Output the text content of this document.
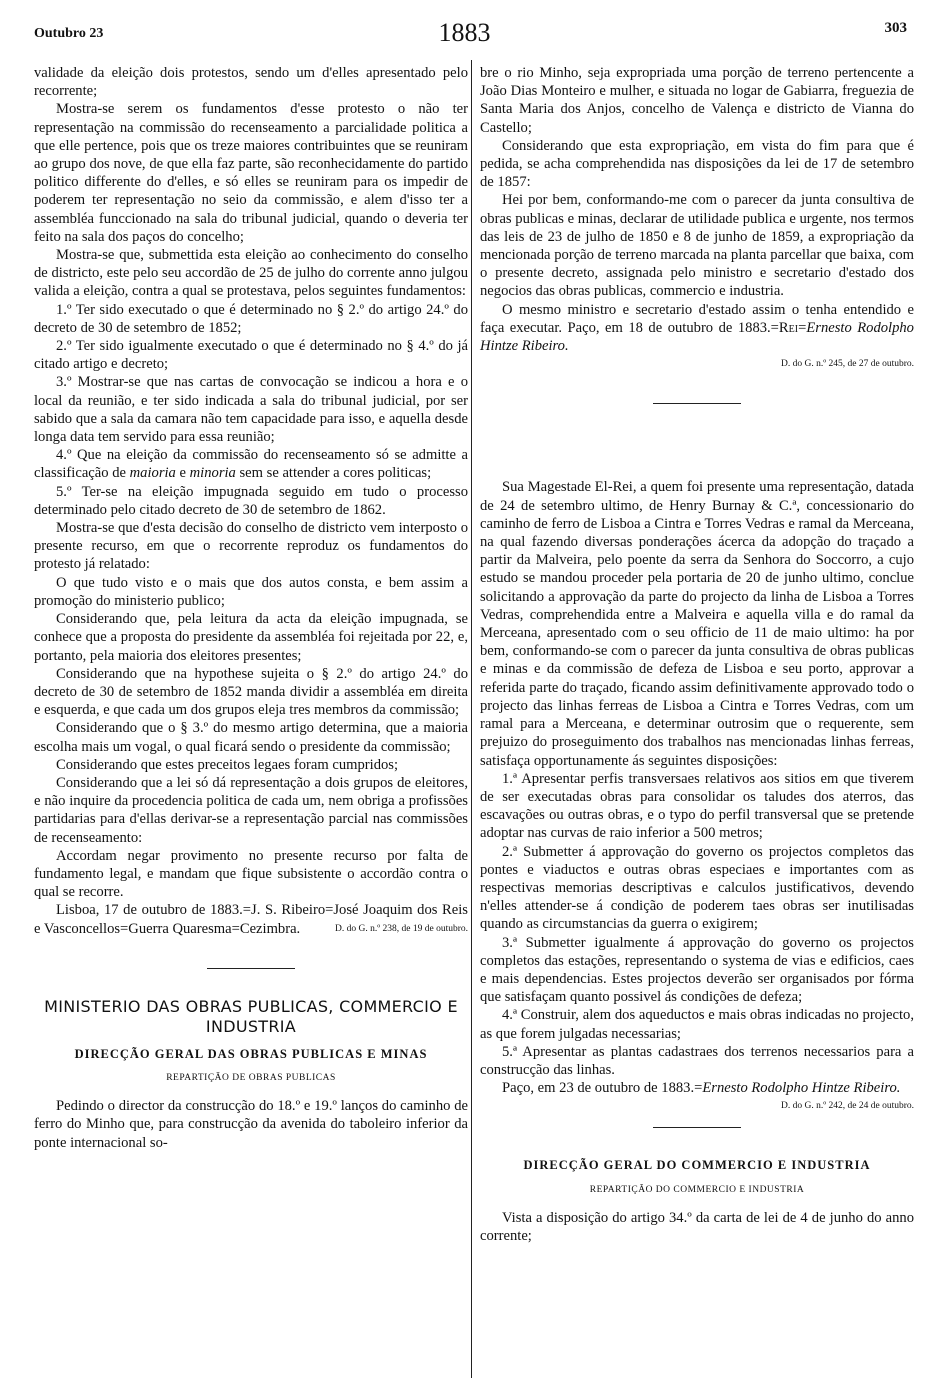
Outubro 23	1883	303

validade da eleição dois protestos, sendo um d'elles apresentado pelo recorrente;

Mostra-se serem os fundamentos d'esse protesto o não ter representação na commissão do recenseamento a parcialidade politica a que elle pertence, pois que os treze maiores contribuintes que se reuniram ao grupo dos nove, de que ella faz parte, são reconhecidamente do partido politico differente do d'elles, e só elles se reuniram para os impedir de poderem ter representação no seio da commissão, e alem d'isso ter a assembléa funccionado na sala do tribunal judicial, quando o deveria ter feito na sala dos paços do concelho;

Mostra-se que, submettida esta eleição ao conhecimento do conselho de districto, este pelo seu accordão de 25 de julho do corrente anno julgou valida a eleição, contra a qual se protestava, pelos seguintes fundamentos:

1.º Ter sido executado o que é determinado no § 2.º do artigo 24.º do decreto de 30 de setembro de 1852;

2.º Ter sido igualmente executado o que é determinado no § 4.º do já citado artigo e decreto;

3.º Mostrar-se que nas cartas de convocação se indicou a hora e o local da reunião, e ter sido indicada a sala do tribunal judicial, por ser sabido que a sala da camara não tem capacidade para isso, e aquella desde longa data tem servido para essa reunião;

4.º Que na eleição da commissão do recenseamento só se admitte a classificação de maioria e minoria sem se attender a cores politicas;

5.º Ter-se na eleição impugnada seguido em tudo o processo determinado pelo citado decreto de 30 de setembro de 1862.

Mostra-se que d'esta decisão do conselho de districto vem interposto o presente recurso, em que o recorrente reproduz os fundamentos do protesto já relatado:

O que tudo visto e o mais que dos autos consta, e bem assim a promoção do ministerio publico;

Considerando que, pela leitura da acta da eleição impugnada, se conhece que a proposta do presidente da assembléa foi rejeitada por 22, e, portanto, pela maioria dos eleitores presentes;

Considerando que na hypothese sujeita o § 2.º do artigo 24.º do decreto de 30 de setembro de 1852 manda dividir a assembléa em direita e esquerda, e que cada um dos grupos eleja tres membros da commissão;

Considerando que o § 3.º do mesmo artigo determina, que a maioria escolha mais um vogal, o qual ficará sendo o presidente da commissão;

Considerando que estes preceitos legaes foram cumpridos;

Considerando que a lei só dá representação a dois grupos de eleitores, e não inquire da procedencia politica de cada um, nem obriga a profissões partidarias para d'ellas derivar-se a representação parcial nas commissões de recenseamento:

Accordam negar provimento no presente recurso por falta de fundamento legal, e mandam que fique subsistente o accordão contra o qual se recorre.

Lisboa, 17 de outubro de 1883.=J. S. Ribeiro=José Joaquim dos Reis e Vasconcellos=Guerra Quaresma=Cezimbra.	D. do G. n.º 238, de 19 de outubro.

MINISTERIO DAS OBRAS PUBLICAS, COMMERCIO E INDUSTRIA
DIRECÇÃO GERAL DAS OBRAS PUBLICAS E MINAS
REPARTIÇÃO DE OBRAS PUBLICAS

Pedindo o director da construcção do 18.º e 19.º lanços do caminho de ferro do Minho que, para construcção da avenida do taboleiro inferior da ponte internacional so-

bre o rio Minho, seja expropriada uma porção de terreno pertencente a João Dias Monteiro e mulher, e situada no logar de Gabiarra, freguezia de Santa Maria dos Anjos, concelho de Valença e districto de Vianna do Castello;

Considerando que esta expropriação, em vista do fim para que é pedida, se acha comprehendida nas disposições da lei de 17 de setembro de 1857:

Hei por bem, conformando-me com o parecer da junta consultiva de obras publicas e minas, declarar de utilidade publica e urgente, nos termos das leis de 23 de julho de 1850 e 8 de junho de 1859, a expropriação da mencionada porção de terreno marcada na planta parcellar que baixa, com o presente decreto, assignada pelo ministro e secretario d'estado dos negocios das obras publicas, commercio e industria.

O mesmo ministro e secretario d'estado assim o tenha entendido e faça executar. Paço, em 18 de outubro de 1883.=Rei=Ernesto Rodolpho Hintze Ribeiro.

D. do G. n.º 245, de 27 de outubro.

Sua Magestade El-Rei, a quem foi presente uma representação, datada de 24 de setembro ultimo, de Henry Burnay & C.ª, concessionario do caminho de ferro de Lisboa a Cintra e Torres Vedras e ramal da Merceana, na qual fazendo diversas ponderações ácerca da adopção do traçado a partir da Malveira, pelo poente da serra da Senhora do Soccorro, a cujo estudo se mandou proceder pela portaria de 20 de junho ultimo, conclue solicitando a approvação da parte do projecto da linha de Lisboa a Torres Vedras, comprehendida entre a Malveira e aquella villa e do ramal da Merceana, apresentado com o seu officio de 11 de maio ultimo: ha por bem, conformando-se com o parecer da junta consultiva de obras publicas e minas e da commissão de defeza de Lisboa e seu porto, approvar a referida parte do traçado, ficando assim definitivamente approvado todo o projecto das linhas ferreas de Lisboa a Cintra e Torres Vedras, com um ramal para a Merceana, e determinar outrosim que o requerente, sem prejuizo do proseguimento dos trabalhos nas mencionadas linhas ferreas, satisfaça opportunamente ás seguintes disposições:

1.ª Apresentar perfis transversaes relativos aos sitios em que tiverem de ser executadas obras para consolidar os taludes dos aterros, das escavações ou outras obras, e o typo do perfil transversal que se pretende adoptar nas curvas de raio inferior a 500 metros;

2.ª Submetter á approvação do governo os projectos completos das pontes e viaductos e outras obras especiaes e importantes com as respectivas memorias descriptivas e calculos justificativos, devendo n'elles attender-se á condição de poderem taes obras ser inutilisadas quando as circumstancias da guerra o exigirem;

3.ª Submetter igualmente á approvação do governo os projectos completos das estações, representando o systema de vias e edificios, caes e mais dependencias. Estes projectos deverão ser organisados por fórma que satisfaçam quanto possivel ás condições de defeza;

4.ª Construir, alem dos aqueductos e mais obras indicadas no projecto, as que forem julgadas necessarias;

5.ª Apresentar as plantas cadastraes dos terrenos necessarios para a construcção das linhas.

Paço, em 23 de outubro de 1883.=Ernesto Rodolpho Hintze Ribeiro.
D. do G. n.º 242, de 24 de outubro.

DIRECÇÃO GERAL DO COMMERCIO E INDUSTRIA
REPARTIÇÃO DO COMMERCIO E INDUSTRIA

Vista a disposição do artigo 34.º da carta de lei de 4 de junho do anno corrente;
